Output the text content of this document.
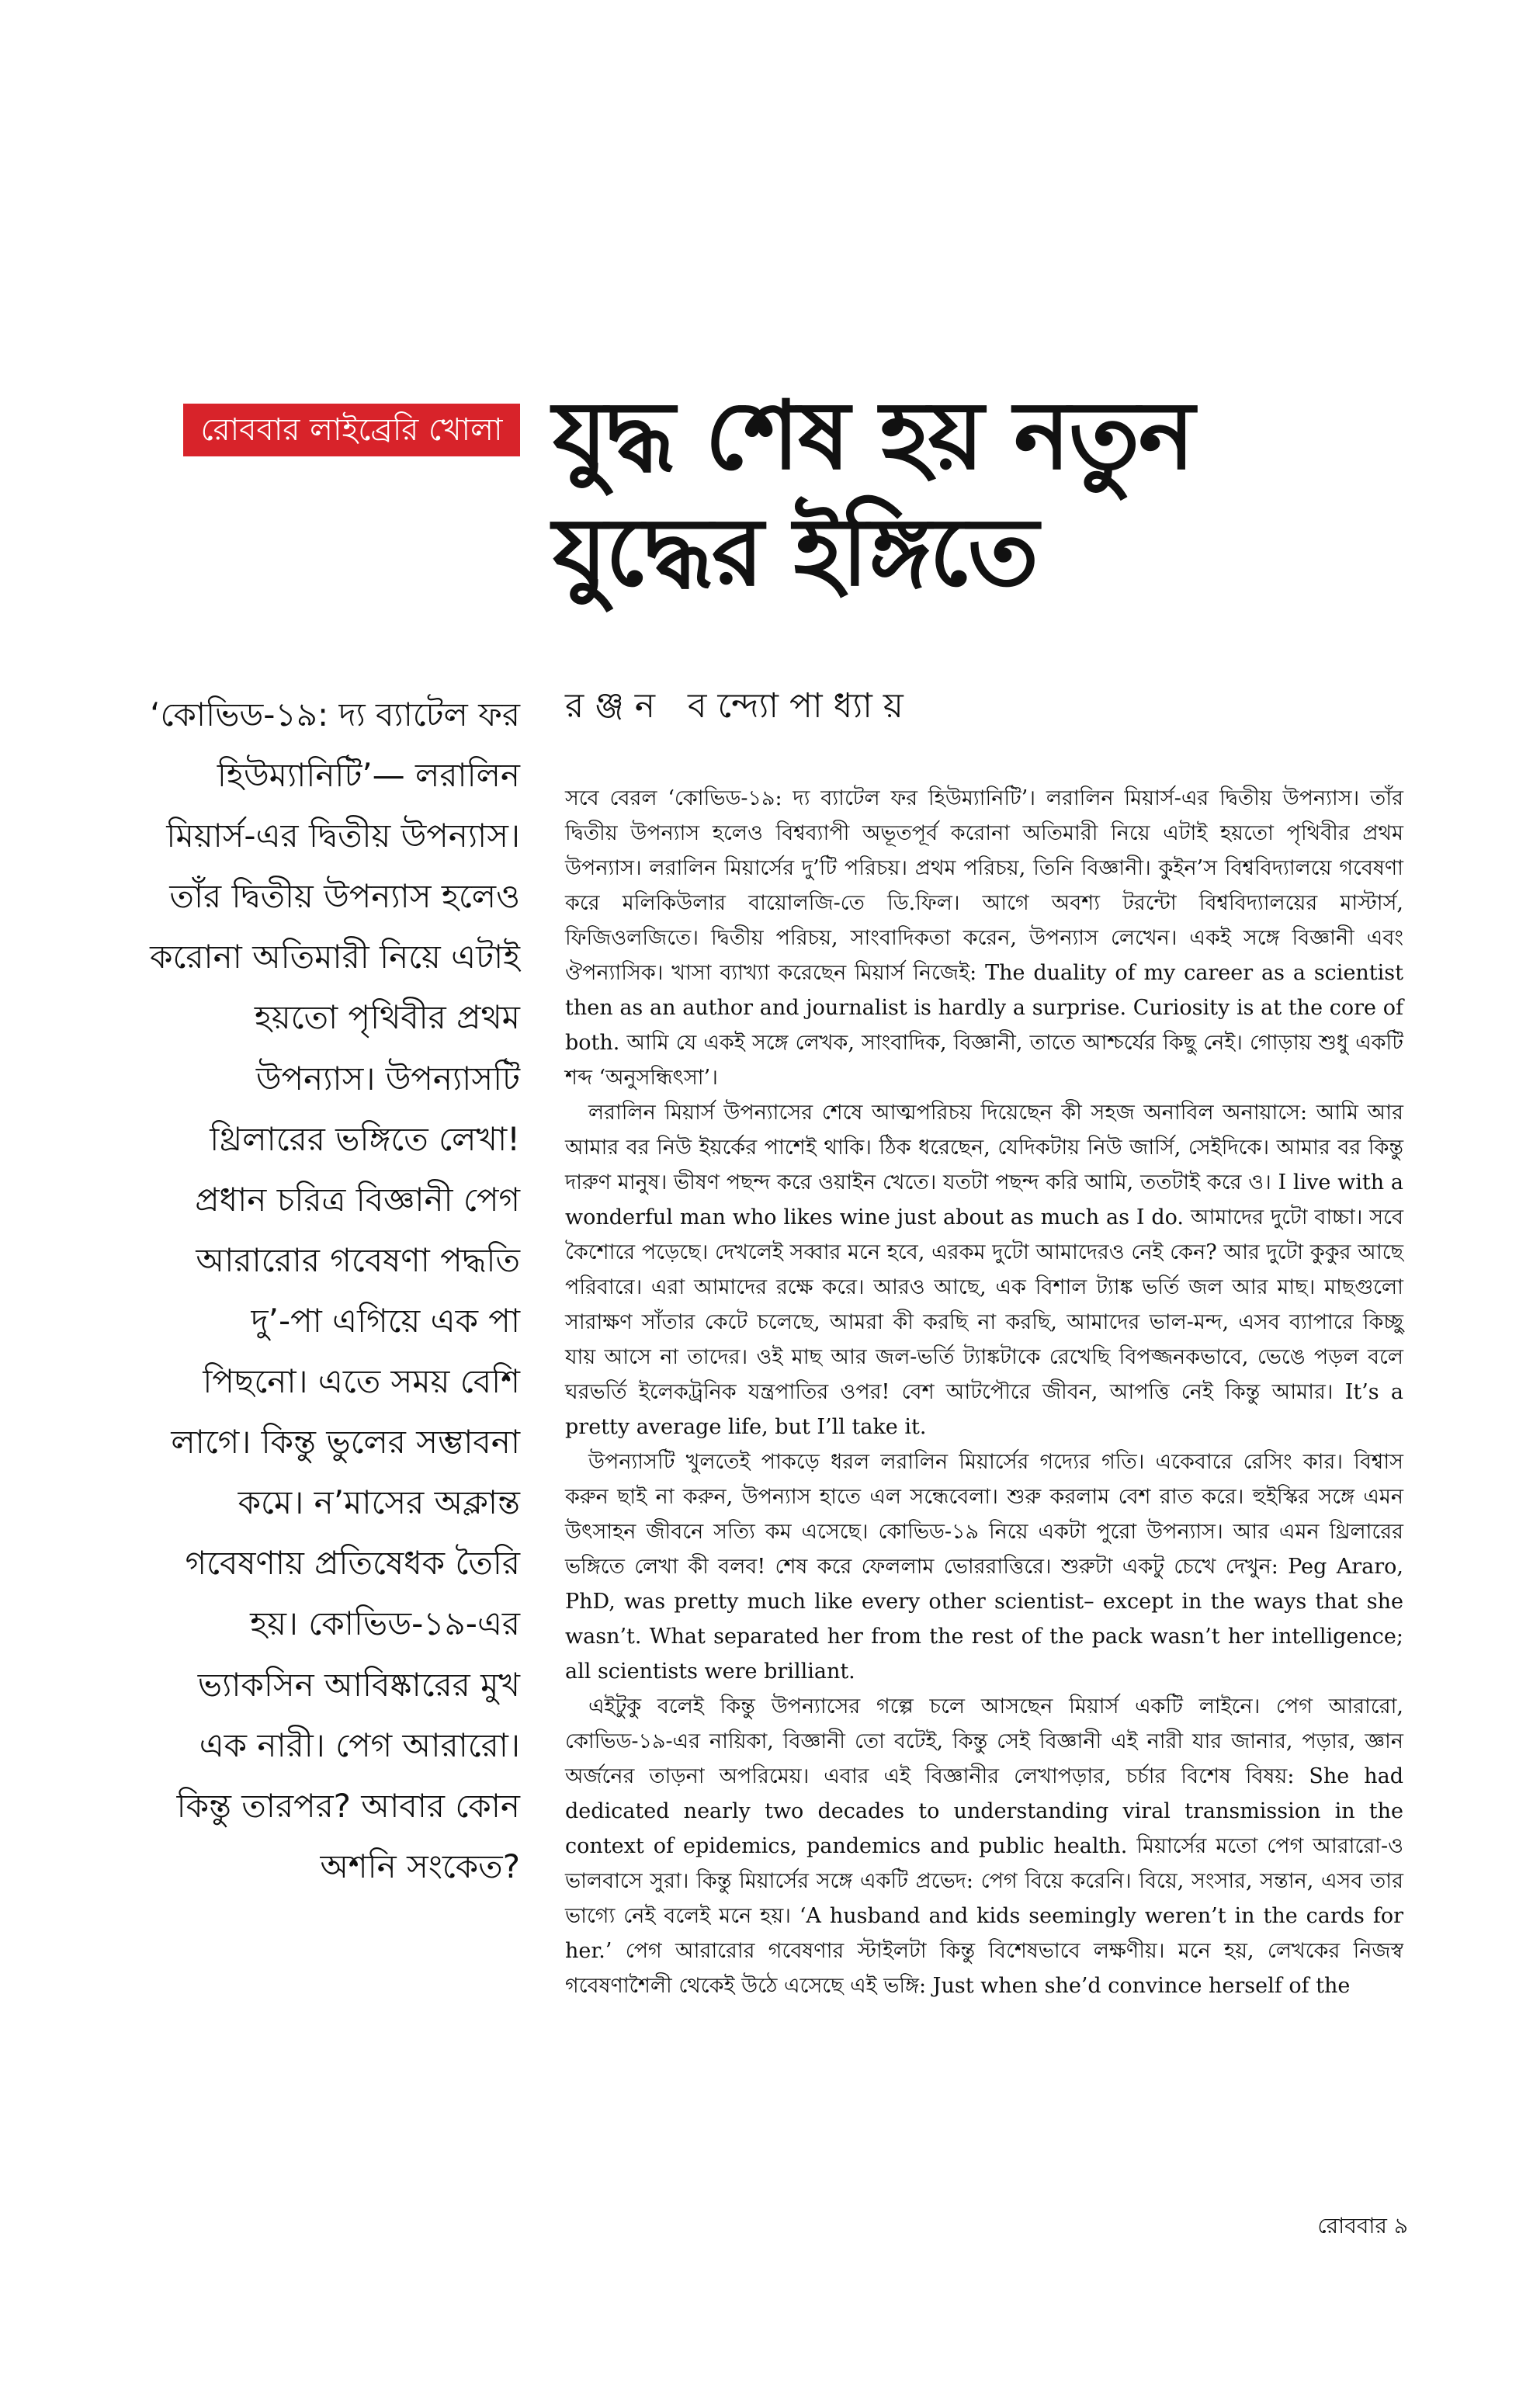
রোববার লাইব্রেরি খোলা যুদ্ধ শেষ হয় নতুন
যুদ্ধের ইঙ্গিতে
রঞ্জন বন্দ্যোপাধ্যায়

‘কোভিড-১৯: দ্য ব্যাটেল ফর হিউম্যানিটি’— লরালিন মিয়ার্স-এর দ্বিতীয় উপন্যাস। তাঁর দ্বিতীয় উপন্যাস হলেও করোনা অতিমারী নিয়ে এটাই হয়তো পৃথিবীর প্রথম উপন্যাস। উপন্যাসটি থ্রিলারের ভঙ্গিতে লেখা! প্রধান চরিত্র বিজ্ঞানী পেগ আরারোর গবেষণা পদ্ধতি দু’-পা এগিয়ে এক পা পিছনো। এতে সময় বেশি লাগে। কিন্তু ভুলের সম্ভাবনা কমে। ন’মাসের অক্লান্ত গবেষণায় প্রতিষেধক তৈরি হয়। কোভিড-১৯-এর ভ্যাকসিন আবিষ্কারের মুখ এক নারী। পেগ আরারো। কিন্তু তারপর? আবার কোন অশনি সংকেত?

সবে বেরল ‘কোভিড-১৯: দ্য ব্যাটেল ফর হিউম্যানিটি’। লরালিন মিয়ার্স-এর দ্বিতীয় উপন্যাস। তাঁর দ্বিতীয় উপন্যাস হলেও বিশ্বব্যাপী অভূতপূর্ব করোনা অতিমারী নিয়ে এটাই হয়তো পৃথিবীর প্রথম উপন্যাস। লরালিন মিয়ার্সের দু’টি পরিচয়। প্রথম পরিচয়, তিনি বিজ্ঞানী। কুইন’স বিশ্ববিদ্যালয়ে গবেষণা করে মলিকিউলার বায়োলজি-তে ডি.ফিল। আগে অবশ্য টরন্টো বিশ্ববিদ্যালয়ের মাস্টার্স, ফিজিওলজিতে। দ্বিতীয় পরিচয়, সাংবাদিকতা করেন, উপন্যাস লেখেন। একই সঙ্গে বিজ্ঞানী এবং ঔপন্যাসিক। খাসা ব্যাখ্যা করেছেন মিয়ার্স নিজেই: The duality of my career as a scientist then as an author and journalist is hardly a surprise. Curiosity is at the core of both. আমি যে একই সঙ্গে লেখক, সাংবাদিক, বিজ্ঞানী, তাতে আশ্চর্যের কিছু নেই। গোড়ায় শুধু একটি শব্দ ‘অনুসন্ধিৎসা’।

লরালিন মিয়ার্স উপন্যাসের শেষে আত্মপরিচয় দিয়েছেন কী সহজ অনাবিল অনায়াসে: আমি আর আমার বর নিউ ইয়র্কের পাশেই থাকি। ঠিক ধরেছেন, যেদিকটায় নিউ জার্সি, সেইদিকে। আমার বর কিন্তু দারুণ মানুষ। ভীষণ পছন্দ করে ওয়াইন খেতে। যতটা পছন্দ করি আমি, ততটাই করে ও। I live with a wonderful man who likes wine just about as much as I do. আমাদের দুটো বাচ্চা। সবে কৈশোরে পড়েছে। দেখলেই সব্বার মনে হবে, এরকম দুটো আমাদেরও নেই কেন? আর দুটো কুকুর আছে পরিবারে। এরা আমাদের রক্ষে করে। আরও আছে, এক বিশাল ট্যাঙ্ক ভর্তি জল আর মাছ। মাছগুলো সারাক্ষণ সাঁতার কেটে চলেছে, আমরা কী করছি না করছি, আমাদের ভাল-মন্দ, এসব ব্যাপারে কিচ্ছু যায় আসে না তাদের। ওই মাছ আর জল-ভর্তি ট্যাঙ্কটাকে রেখেছি বিপজ্জনকভাবে, ভেঙে পড়ল বলে ঘরভর্তি ইলেকট্রনিক যন্ত্রপাতির ওপর! বেশ আটপৌরে জীবন, আপত্তি নেই কিন্তু আমার। It’s a pretty average life, but I’ll take it.

উপন্যাসটি খুলতেই পাকড়ে ধরল লরালিন মিয়ার্সের গদ্যের গতি। একেবারে রেসিং কার। বিশ্বাস করুন ছাই না করুন, উপন্যাস হাতে এল সন্ধেবেলা। শুরু করলাম বেশ রাত করে। হুইস্কির সঙ্গে এমন উৎসাহন জীবনে সত্যি কম এসেছে। কোভিড-১৯ নিয়ে একটা পুরো উপন্যাস। আর এমন থ্রিলারের ভঙ্গিতে লেখা কী বলব! শেষ করে ফেললাম ভোররাত্তিরে। শুরুটা একটু চেখে দেখুন: Peg Araro, PhD, was pretty much like every other scientist– except in the ways that she wasn’t. What separated her from the rest of the pack wasn’t her intelligence; all scientists were brilliant.

এইটুকু বলেই কিন্তু উপন্যাসের গল্পে চলে আসছেন মিয়ার্স একটি লাইনে। পেগ আরারো, কোভিড-১৯-এর নায়িকা, বিজ্ঞানী তো বটেই, কিন্তু সেই বিজ্ঞানী এই নারী যার জানার, পড়ার, জ্ঞান অর্জনের তাড়না অপরিমেয়। এবার এই বিজ্ঞানীর লেখাপড়ার, চর্চার বিশেষ বিষয়: She had dedicated nearly two decades to understanding viral transmission in the context of epidemics, pandemics and public health. মিয়ার্সের মতো পেগ আরারো-ও ভালবাসে সুরা। কিন্তু মিয়ার্সের সঙ্গে একটি প্রভেদ: পেগ বিয়ে করেনি। বিয়ে, সংসার, সন্তান, এসব তার ভাগ্যে নেই বলেই মনে হয়। ‘A husband and kids seemingly weren’t in the cards for her.’ পেগ আরারোর গবেষণার স্টাইলটা কিন্তু বিশেষভাবে লক্ষণীয়। মনে হয়, লেখকের নিজস্ব গবেষণাশৈলী থেকেই উঠে এসেছে এই ভঙ্গি: Just when she’d convince herself of the

রোববার ৯
